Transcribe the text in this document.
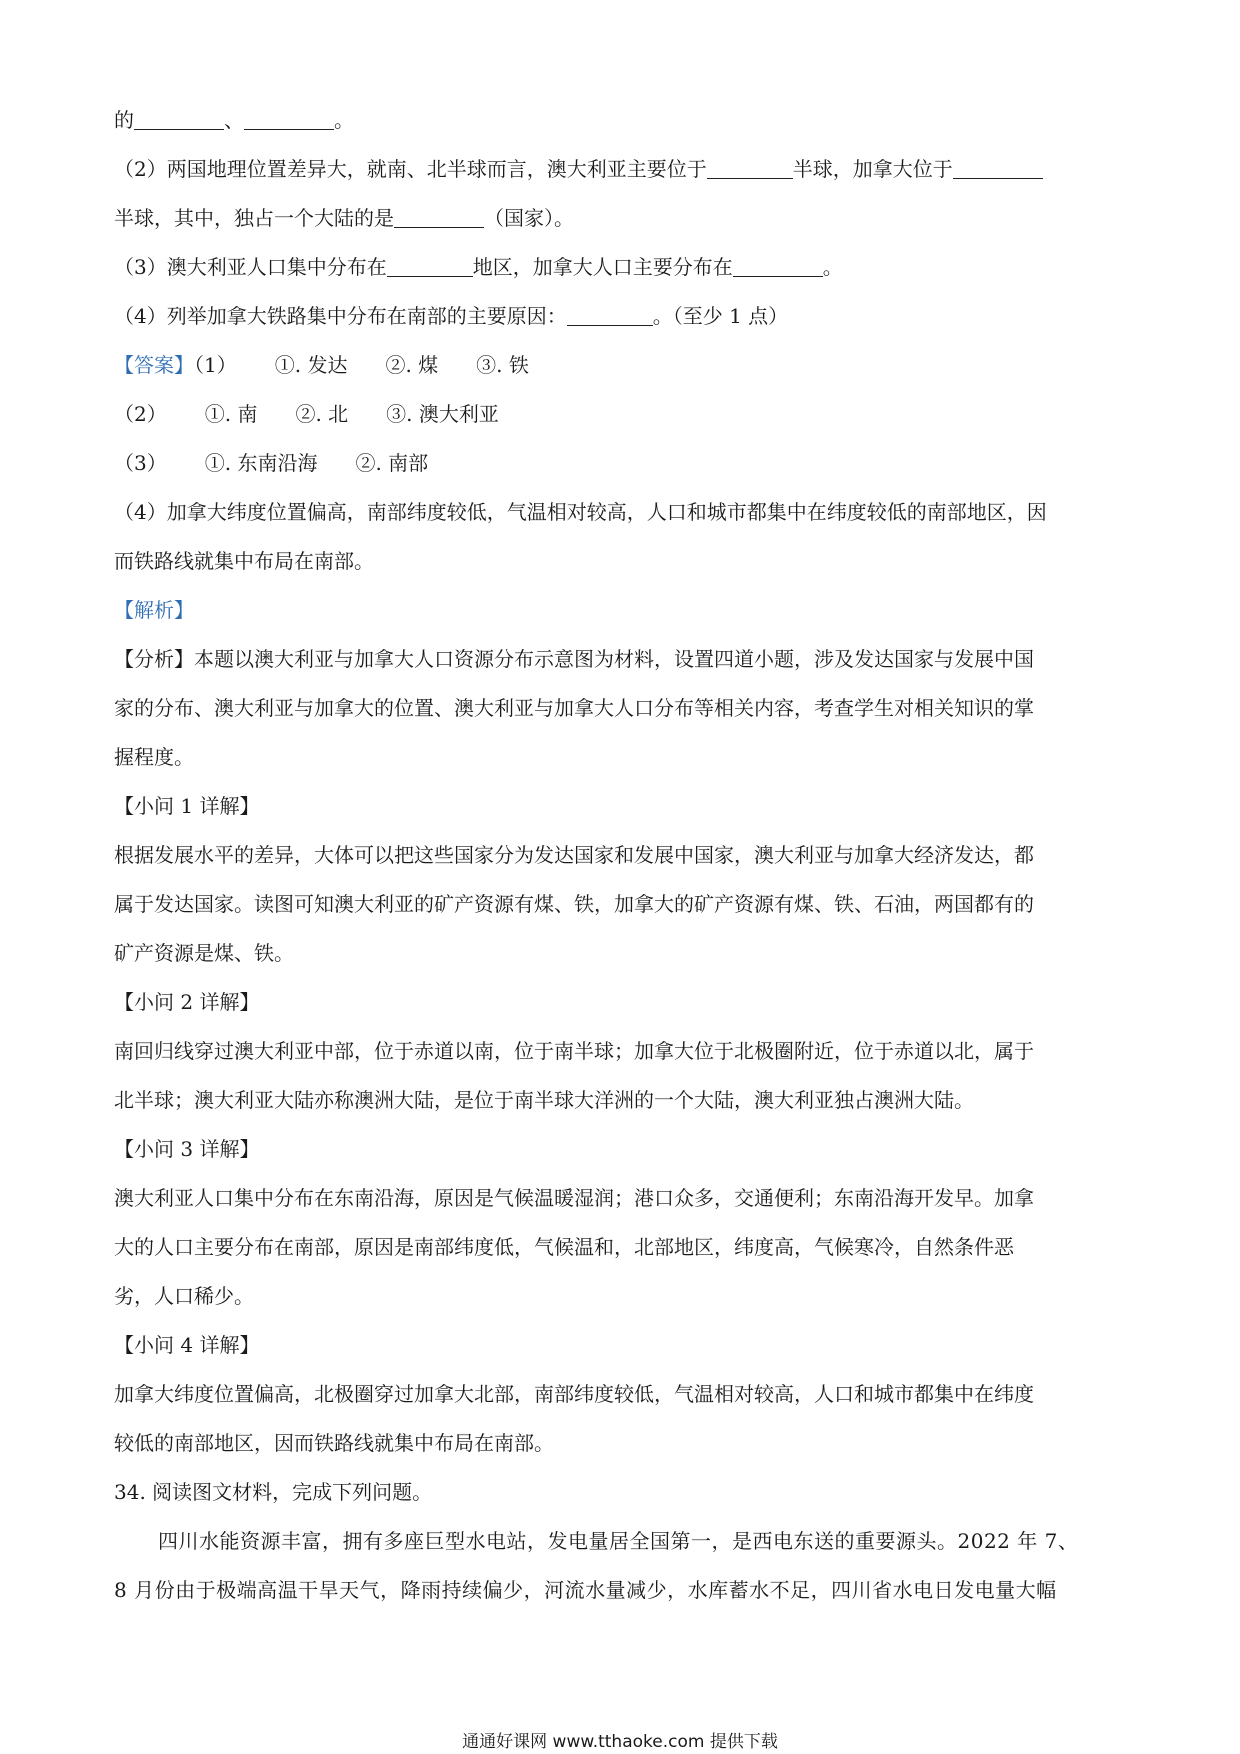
的	、	。
（2）两国地理位置差异大，就南、北半球而言，澳大利亚主要位于	半球，加拿大位于
半球，其中，独占一个大陆的是	（国家）。
（3）澳大利亚人口集中分布在	地区，加拿大人口主要分布在	。
（4）列举加拿大铁路集中分布在南部的主要原因：	。（至少 1 点）
【答案】（1） ①. 发达 ②. 煤 ③. 铁
（2） ①. 南 ②. 北 ③. 澳大利亚
（3） ①. 东南沿海 ②. 南部
（4）加拿大纬度位置偏高，南部纬度较低，气温相对较高，人口和城市都集中在纬度较低的南部地区，因
而铁路线就集中布局在南部。
【解析】
【分析】本题以澳大利亚与加拿大人口资源分布示意图为材料，设置四道小题，涉及发达国家与发展中国
家的分布、澳大利亚与加拿大的位置、澳大利亚与加拿大人口分布等相关内容，考查学生对相关知识的掌
握程度。
【小问 1 详解】
根据发展水平的差异，大体可以把这些国家分为发达国家和发展中国家，澳大利亚与加拿大经济发达，都
属于发达国家。读图可知澳大利亚的矿产资源有煤、铁，加拿大的矿产资源有煤、铁、石油，两国都有的
矿产资源是煤、铁。
【小问 2 详解】
南回归线穿过澳大利亚中部，位于赤道以南，位于南半球；加拿大位于北极圈附近，位于赤道以北，属于
北半球；澳大利亚大陆亦称澳洲大陆，是位于南半球大洋洲的一个大陆，澳大利亚独占澳洲大陆。
【小问 3 详解】
澳大利亚人口集中分布在东南沿海，原因是气候温暖湿润；港口众多，交通便利；东南沿海开发早。加拿
大的人口主要分布在南部，原因是南部纬度低，气候温和，北部地区，纬度高，气候寒冷，自然条件恶
劣，人口稀少。
【小问 4 详解】
加拿大纬度位置偏高，北极圈穿过加拿大北部，南部纬度较低，气温相对较高，人口和城市都集中在纬度
较低的南部地区，因而铁路线就集中布局在南部。
34. 阅读图文材料，完成下列问题。
四川水能资源丰富，拥有多座巨型水电站，发电量居全国第一，是西电东送的重要源头。2022 年 7、
8 月份由于极端高温干旱天气，降雨持续偏少，河流水量减少，水库蓄水不足，四川省水电日发电量大幅
通通好课网 www.tthaoke.com 提供下载
